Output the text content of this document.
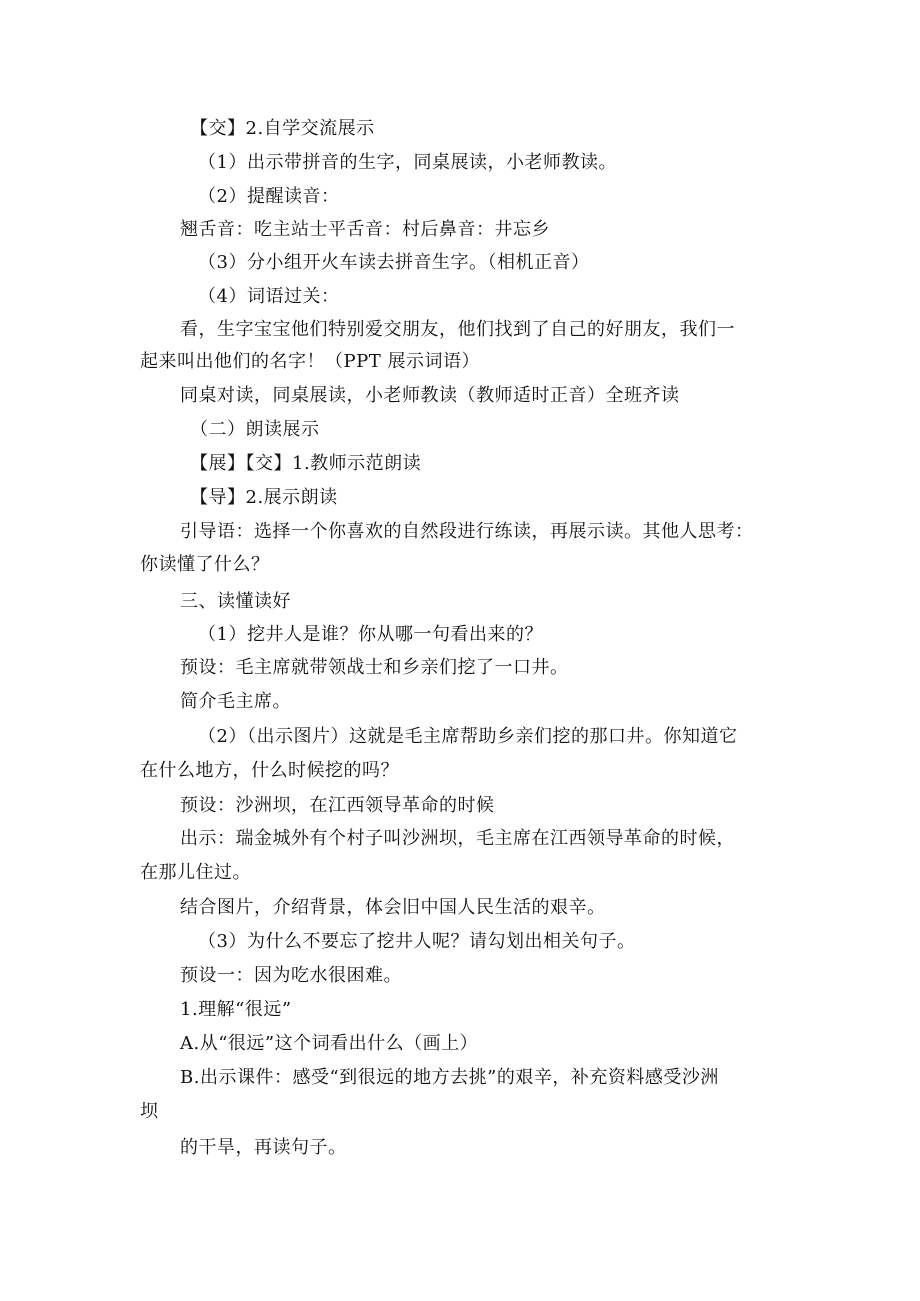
【交】2.自学交流展示
（1）出示带拼音的生字，同桌展读，小老师教读。
（2）提醒读音：
翘舌音：吃主站士平舌音：村后鼻音：井忘乡
（3）分小组开火车读去拼音生字。（相机正音）
（4）词语过关：
看，生字宝宝他们特别爱交朋友，他们找到了自己的好朋友，我们一
起来叫出他们的名字！（PPT 展示词语）
同桌对读，同桌展读，小老师教读（教师适时正音）全班齐读
（二）朗读展示
【展】【交】1.教师示范朗读
【导】2.展示朗读
引导语：选择一个你喜欢的自然段进行练读，再展示读。其他人思考：
你读懂了什么？
三、读懂读好
（1）挖井人是谁？你从哪一句看出来的？
预设：毛主席就带领战士和乡亲们挖了一口井。
简介毛主席。
（2）（出示图片）这就是毛主席帮助乡亲们挖的那口井。你知道它
在什么地方，什么时候挖的吗？
预设：沙洲坝，在江西领导革命的时候
出示：瑞金城外有个村子叫沙洲坝，毛主席在江西领导革命的时候，
在那儿住过。
结合图片，介绍背景，体会旧中国人民生活的艰辛。
（3）为什么不要忘了挖井人呢？请勾划出相关句子。
预设一：因为吃水很困难。
1.理解“很远”
A.从“很远”这个词看出什么（画上）
B.出示课件：感受“到很远的地方去挑”的艰辛，补充资料感受沙洲
坝
的干旱，再读句子。
